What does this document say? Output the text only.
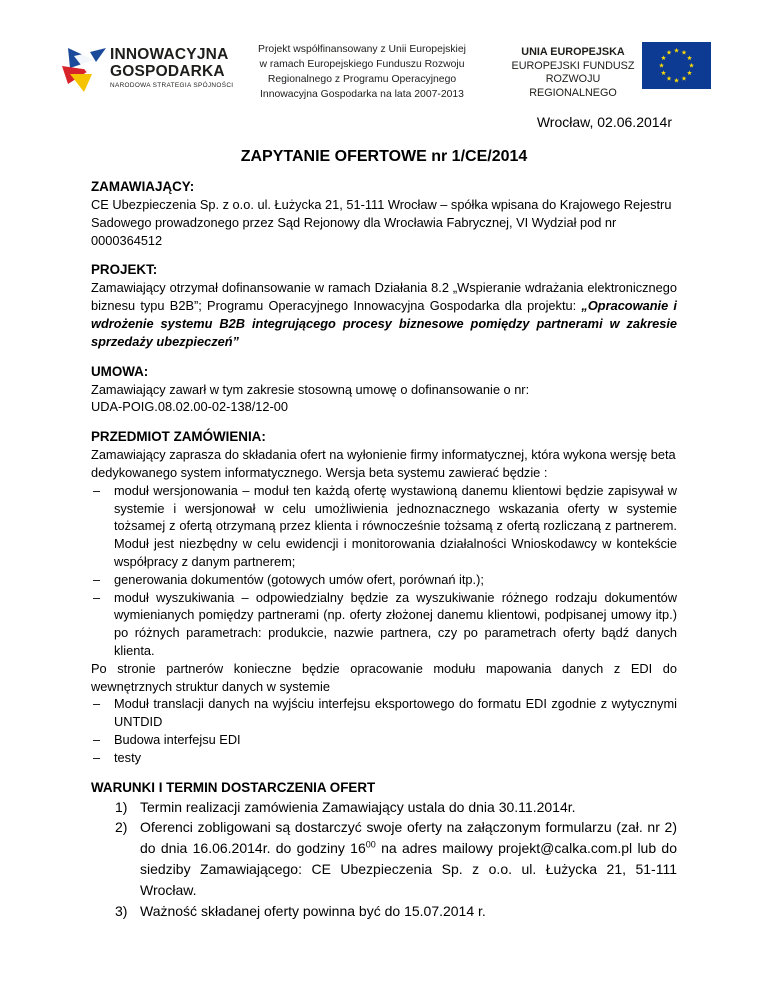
INNOWACYJNA
GOSPODARKA
NARODOWA STRATEGIA SPÓJNOŚCI
Projekt współfinansowany z Unii Europejskiej
w ramach Europejskiego Funduszu Rozwoju
Regionalnego z Programu Operacyjnego
Innowacyjna Gospodarka na lata 2007-2013
UNIA EUROPEJSKA
EUROPEJSKI FUNDUSZ
ROZWOJU REGIONALNEGO
Wrocław, 02.06.2014r
ZAPYTANIE OFERTOWE nr 1/CE/2014
ZAMAWIAJĄCY:

CE Ubezpieczenia Sp. z o.o. ul. Łużycka 21, 51-111 Wrocław – spółka wpisana do Krajowego Rejestru Sadowego prowadzonego przez Sąd Rejonowy dla Wrocławia Fabrycznej, VI Wydział pod nr 0000364512

PROJEKT:

Zamawiający otrzymał dofinansowanie w ramach Działania 8.2 „Wspieranie wdrażania elektronicznego biznesu typu B2B”; Programu Operacyjnego Innowacyjna Gospodarka dla projektu: „Opracowanie i wdrożenie systemu B2B integrującego procesy biznesowe pomiędzy partnerami w zakresie sprzedaży ubezpieczeń”

UMOWA:

Zamawiający zawarł w tym zakresie stosowną umowę o dofinansowanie o nr:

UDA-POIG.08.02.00-02-138/12-00

PRZEDMIOT ZAMÓWIENIA:

Zamawiający zaprasza do składania ofert na wyłonienie firmy informatycznej, która wykona wersję beta dedykowanego system informatycznego. Wersja beta systemu zawierać będzie :

– moduł wersjonowania – moduł ten każdą ofertę wystawioną danemu klientowi będzie zapisywał w systemie i wersjonował w celu umożliwienia jednoznacznego wskazania oferty w systemie tożsamej z ofertą otrzymaną przez klienta i równocześnie tożsamą z ofertą rozliczaną z partnerem. Moduł jest niezbędny w celu ewidencji i monitorowania działalności Wnioskodawcy w kontekście współpracy z danym partnerem;
– generowania dokumentów (gotowych umów ofert, porównań itp.);
– moduł wyszukiwania – odpowiedzialny będzie za wyszukiwanie różnego rodzaju dokumentów wymienianych pomiędzy partnerami (np. oferty złożonej danemu klientowi, podpisanej umowy itp.) po różnych parametrach: produkcie, nazwie partnera, czy po parametrach oferty bądź danych klienta.

Po stronie partnerów konieczne będzie opracowanie modułu mapowania danych z EDI do wewnętrznych struktur danych w systemie

– Moduł translacji danych na wyjściu interfejsu eksportowego do formatu EDI zgodnie z wytycznymi UNTDID
– Budowa interfejsu EDI
– testy
WARUNKI I TERMIN DOSTARCZENIA OFERT
1) Termin realizacji zamówienia Zamawiający ustala do dnia 30.11.2014r.
2) Oferenci zobligowani są dostarczyć swoje oferty na załączonym formularzu (zał. nr 2) do dnia 16.06.2014r. do godziny $16^{00}$ na adres mailowy projekt@calka.com.pl lub do siedziby Zamawiającego: CE Ubezpieczenia Sp. z o.o. ul. Łużycka 21, 51-111 Wrocław.
3) Ważność składanej oferty powinna być do 15.07.2014 r.
